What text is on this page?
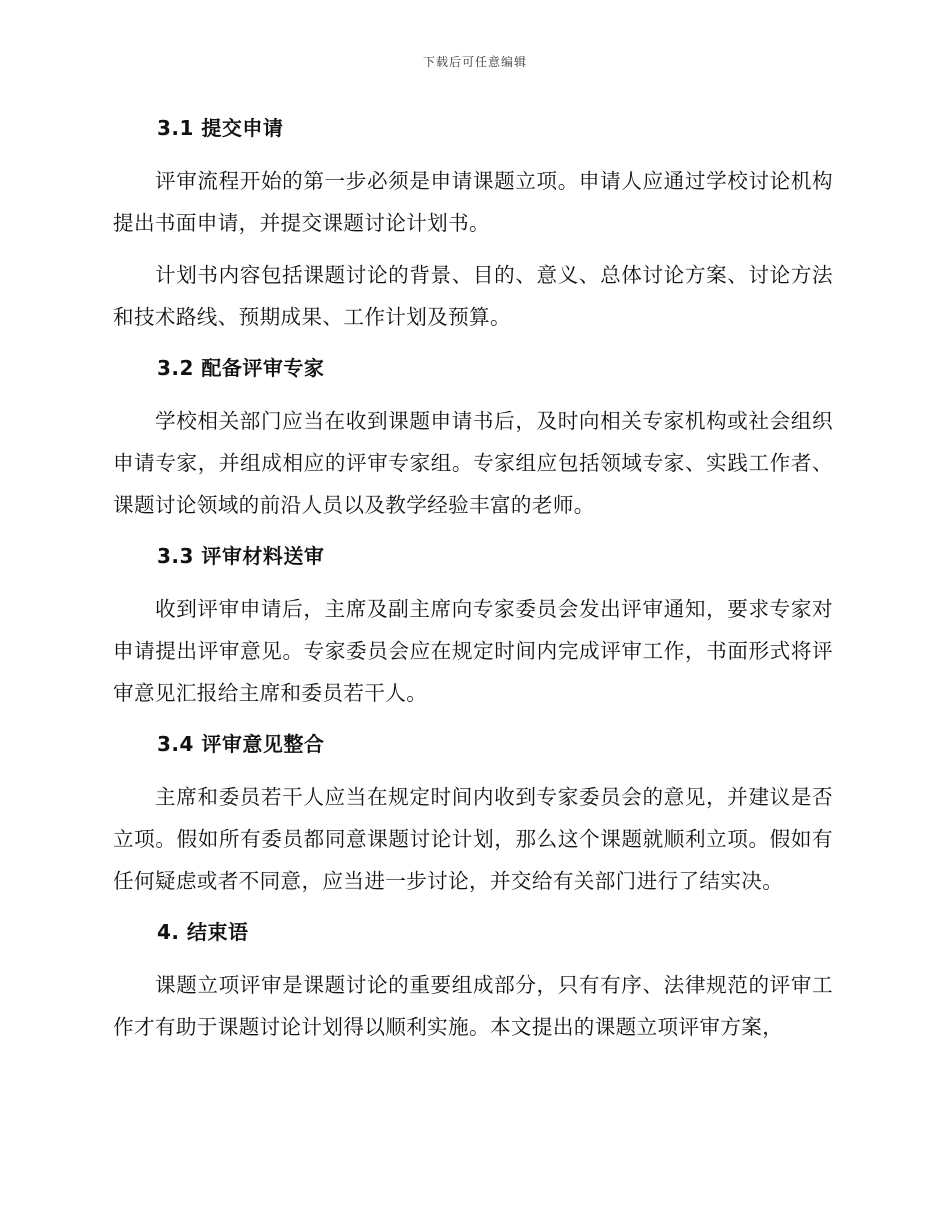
下载后可任意编辑
3.1 提交申请

评审流程开始的第一步必须是申请课题立项。申请人应通过学校讨论机构提出书面申请，并提交课题讨论计划书。

计划书内容包括课题讨论的背景、目的、意义、总体讨论方案、讨论方法和技术路线、预期成果、工作计划及预算。

3.2 配备评审专家

学校相关部门应当在收到课题申请书后，及时向相关专家机构或社会组织申请专家，并组成相应的评审专家组。专家组应包括领域专家、实践工作者、课题讨论领域的前沿人员以及教学经验丰富的老师。

3.3 评审材料送审

收到评审申请后，主席及副主席向专家委员会发出评审通知，要求专家对申请提出评审意见。专家委员会应在规定时间内完成评审工作，书面形式将评审意见汇报给主席和委员若干人。

3.4 评审意见整合

主席和委员若干人应当在规定时间内收到专家委员会的意见，并建议是否立项。假如所有委员都同意课题讨论计划，那么这个课题就顺利立项。假如有任何疑虑或者不同意，应当进一步讨论，并交给有关部门进行了结实决。

4. 结束语

课题立项评审是课题讨论的重要组成部分，只有有序、法律规范的评审工作才有助于课题讨论计划得以顺利实施。本文提出的课题立项评审方案，
